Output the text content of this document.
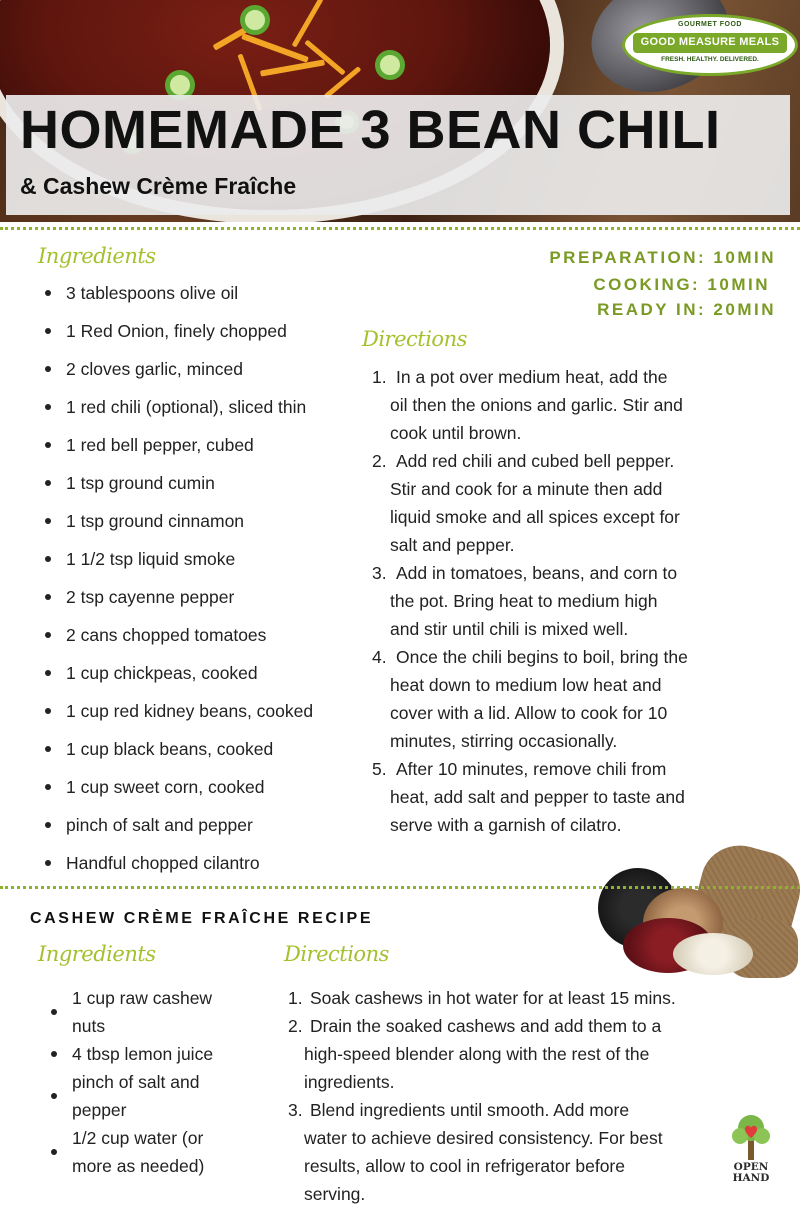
GOURMET FOOD
GOOD MEASURE MEALS
FRESH. HEALTHY. DELIVERED.
HOMEMADE 3 BEAN CHILI
& Cashew Crème Fraîche

Ingredients	PREPARATION: 10MIN

COOKING: 10MIN

READY IN: 20MIN

3 tablespoons olive oil
1 Red Onion, finely chopped
2 cloves garlic, minced
1 red chili (optional), sliced thin
1 red bell pepper, cubed
1 tsp ground cumin
1 tsp ground cinnamon
1 1/2 tsp liquid smoke
2 tsp cayenne pepper
2 cans chopped tomatoes
1 cup chickpeas, cooked
1 cup red kidney beans, cooked
1 cup black beans, cooked
1 cup sweet corn, cooked
pinch of salt and pepper
Handful chopped cilantro

Directions

1. In a pot over medium heat, add the
oil then the onions and garlic. Stir and
cook until brown.
2. Add red chili and cubed bell pepper.
Stir and cook for a minute then add
liquid smoke and all spices except for
salt and pepper.
3. Add in tomatoes, beans, and corn to
the pot. Bring heat to medium high
and stir until chili is mixed well.
4. Once the chili begins to boil, bring the
heat down to medium low heat and
cover with a lid. Allow to cook for 10
minutes, stirring occasionally.
5. After 10 minutes, remove chili from
heat, add salt and pepper to taste and
serve with a garnish of cilatro.
CASHEW CRÈME FRAÎCHE RECIPE

Ingredients

1 cup raw cashew
nuts
4 tbsp lemon juice
pinch of salt and
pepper
1/2 cup water (or
more as needed)

Directions

1. Soak cashews in hot water for at least 15 mins.
2. Drain the soaked cashews and add them to a
high-speed blender along with the rest of the
ingredients.
3. Blend ingredients until smooth. Add more
water to achieve desired consistency. For best
results, allow to cool in refrigerator before
serving.
OPEN
HAND
